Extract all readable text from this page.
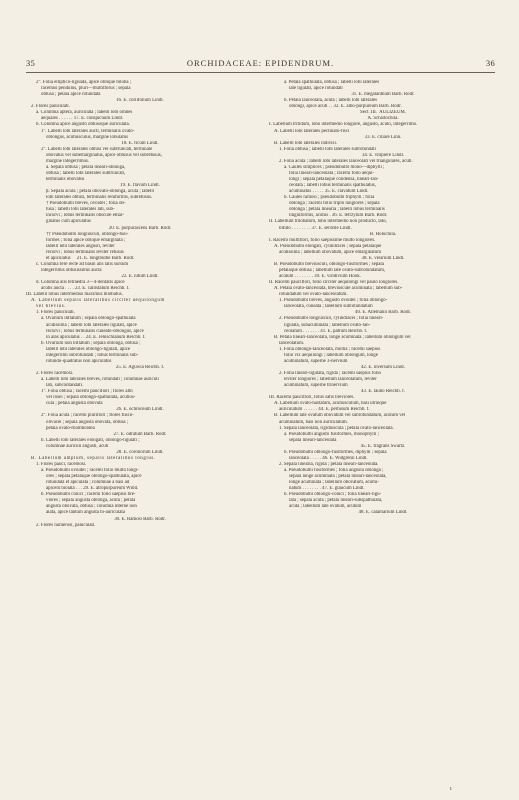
35	ORCHIDACEAE: EPIDENDRUM.	36
2°. Folia elliptico-ligulata, apice oblique biloba ;
racemus pendulus, pluri—multiflorus ; sepala
obtusa ; petala apice rotundata
16. E. coriifolium Lindl.
2. Flores paniculati.
a. Columna aptera, auriculata ; labelli lobi omnes
aequales . . . . . . 17. E. conspicuum Lindl.
b. Columna apice angusto obtusoque auriculata.
1°. Labelli lobi laterales aucti, terminalis ovato-
oblongus, acutiusculus, margine lobulatus
18. E. ficum Lindl.
2°. Labelli lobi laterales obtusi vel subtruncati, terminale
obovatus vel subemarginatus, apice obtusus vel subretusus,
margine integerrimus.
a. Sepala obtusa ; petala lineari-oblonga,
obtusa ; labelli lobi laterales subtruncati,
terminalis obovatus
19. E. flavum Lindl.
β. Sepala acuta ; petala obovato-oblonga, acuta ; labelli
lobi laterales obtusi, terminalis reniformis, subretusus.
† Pseudobulbi breves, ovoidei ; folia ob-
tusa ; labelli lobi laterales lati, sub-
incurvi ; lobus terminalis obscure emar-
ginatus cum apiculatus
20. E. purpurascens Barb. Rodr.
†† Pseudobulbi longiusculi, oblongo-fusi-
formes ; folia apice oblique emarginata ;
labelli lobi laterales angusti, leviter
recurvi ; lobus terminalis leviter retusus
et apiculatus     21. E. longibulbe Barb. Rodr.
c. Columna fere recte ad basin alis latis sursum
integerrimis obtusissimis aucta
22. E. nitum Lindl.
d. Columna alis tetraedra 3—4-dentatis apice
acutis aucta . . . . 23. E. callistatum Reichb. f.
III. Labelli lobus intermedius maximus bilobatus.
A. Labellum sepalis lateralibus circiter aequilongum
vel brevius.
1. Flores paniculati.
a. Ovarium inflatum ; sepala oblongo-spathulata
acutissima ; labelli lobi laterales ligulati, apice
recurvi ; lobus terminalis cuneato-oblongus, apice
in alas apiculatus . . 24. E. Jenischianum Reichb. f.
b. Ovarium non inflatum ; sepala oblonga, obtusa ;
labelli lobi laterales oblongo-ligulati, apice
integerrimi subrotundati ; lobus terminalis sub-
rotundo-quadratus non apiculatus
25. E. Aguwia Reichb. f.
2. Flores racemosi.
a. Labelli lobi laterales breves, rotundati ; columnae auriculi
lati, subcontandati.
1°. Folia obtusa ; racemi paucifiori ; flores albi
vel rosei ; sepala oblongo-spathulata, acutius-
cula ; petala angustа obovata
26. E. ochroceum Lindl.
2°. Folia acuta ; racemi pluriflori ; flores fusco-
olivacei ; sepala angusta obovata, obtusa ;
petala ovato-rhomboidea
27. E. odratum Barb. Rodr.
b. Labelli lobi laterales elongati, oblongo-ligulati ;
columnae auriculi angusti, acuti
28. E. coronorum Lindl.
B. Labellum amplum, sepalis lateralibus longius.
1. Flores pauci, racemosi.
a. Pseudobulbi ovoidei ; racemi folio multo longi-
ores ; sepala petalaque oblongo-spathulata, apice
rotundata et apiculata ; columnae a basi ad
apicem biolata . . . 29. E. atropurpureum Willd.
b. Pseudobulbi conici ; racemi folio saepius bre-
viores ; sepala angusta oblonga, acuta ; petala
angusta obovata, obtusa ; columna interne non
alata, apice tantum angusta bi-auriculata
30. E. Ramosi Barb. Rodr.
2. Flores numerosi, paniculati.
a. Petala spathulata, obtusa ; labelli lobi laterales
late ligulati, apice rotundati
31. E. megalanthum Barb. Rodr.
b. Petala lanceolata, acuta ; labelli lobi laterales
oblongi, apice acuti . . 32. E. albo-purpureum Barb. Rodr.
Sect. III.  AULIZEUM.
A. Schistochila.
I. Labellum trifidum, lobo intermedio longiore, angusto, acuto, integerrimo.
A. Labelli lobi laterales pectinato-fisci
33. E. ciliare Linn.
B. Labelli lobi laterales indivisi.
1. Folia obtusa ; labelli lobi laterales subrotundati
34. E. vitipiere Lindl.
2. Folia acuta ; labelli lobi laterales lanceolati vel triangulares, acuti.
a. Caules simplices ; pseudobulbi mono—diphylli ;
folia lineari-lanceolata ; racemi folio aequi-
longi ; sepala petalaque condensa, lineari-lan-
ceolata ; labelli lobus terminalis spathulatus,
acuminatus . . . . . 35. E. clavatum Lindl.
b. Caules ramosi ; pseudobulbi triphylli ; folia
oblonga ; racemi folio triplo longiores ; sepala
oblonga ; petala linearia ; labelli lobus terminalis
linguiformis, acutus . 36. E. tetrzylum Barb. Rodr.
II. Labellum trilobatum, lobo intermedio non producto, lato,
bifido . . . . . . . . 37. E. serotile Lindl.
B. Holochila.
I. Racemi multiflori, folio saepissime multo longiores.
A. Pseudobulbi elongati, cylindracei ; sepala petalaque
acutissima ; labellum obovatum, apice emarginatum
38. E. vesirium Lindl.
B. Pseudobulbi breviusculi, oblongo-fusiformes ; sepala
petalaque obtusa ; labellum late ovato-subrotundatum,
acutum . . . . . . . . 39. E. viridivium Hook.
II. Racemi pauciflori, folio circiter aequilongi vel paulo longiores.
A. Petala ovato-lanceolata, breviuscule acuminata ; labellum sub-
rotundatum vel ovato-lanceolatum.
1. Pseudobulbi breves, angusto ovoidei ; folia oblongo-
lanceolata, cuneata ; labellum subrotundatum
40. E. Allemanii Barb. Rodr.
2. Pseudobulbi longiusculi, cylindracei ; folia lineari-
ligulata, subacuminata ; labellum ovato-lan-
ceolatum . . . . . . . 41. E. patrum Reichb. f.
B. Petala lineari-lanceolata, longe acuminata ; labellum oblongum vel
lanceolatum.
1. Folia oblongo-lanceolata, mollia ; racemi saepius
folio vix aequilongi ; labellum oblongum, longe
acuminatum, superne 3-nervium
42. E. inversum Lindl.
2. Folia lineari-ligulata, rigida ; racemi saepius folio
leviter longiores ; labellum lanceolatum, leviter
acuminatum, superne trinervium
43. E. laubo Reichb. f.
III. Racemi paucifiori, foliis satis breviores.
A. Labellum ovato-hastatum, acutiusculum, basi utrinque
auriculatum . . . . . . 44. E. pertusum Reichb. f.
B. Labellum late ovatum obovatum vel subrotundatum, acutum vel
acuminatum, basi non auriculatum.
1. Sepala lanceolata, rigidiuscula ; petala ovato-lanceolata.
a. Pseudobulbi angusto fusiformes, monophylli ;
sepala lineari-lanceolata
45. E. fragrans Swartz.
b. Pseudobulbi oblongo-fusiformes, diphylli ; sepala
lanceolata . . . . . 46. E. Widgrenii Lindl.
2. Sepala linearia, rigida ; petala lineari-lanceolata.
a. Pseudobulbi fusiformes ; folia angusta oblonga ;
sepala longe acuminata ; petala lineari-lanceolata,
longe acuminata ; labellum obovatum, acumi-
natum . . . . . . . . 47. E. glaucum Lindl.
b. Pseudobulbi oblongo-conici ; folia lineari-ligu-
lata ; sepala acuta ; petala lineari-subspathulata,
acuta ; labellum late ovatum, acutum
48. E. calamarium Lindl.
ı
